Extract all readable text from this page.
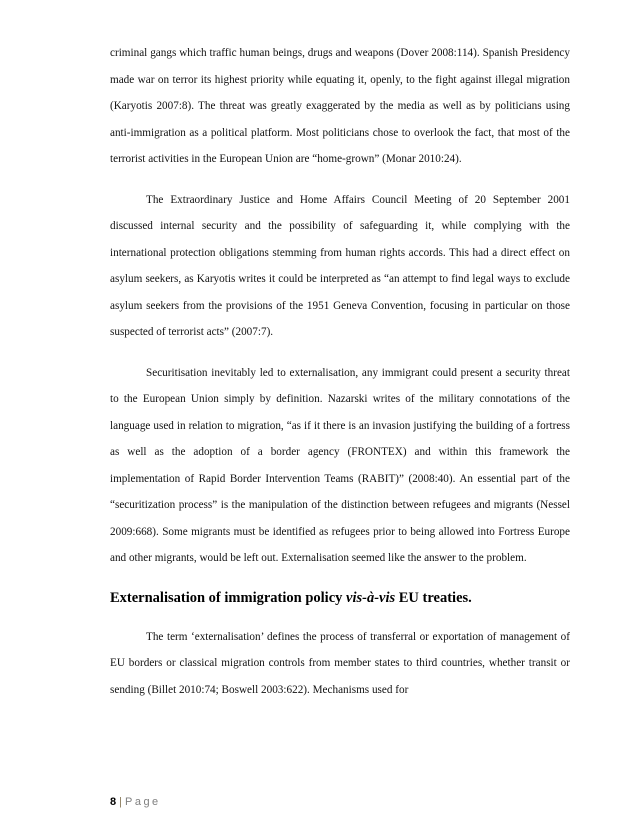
criminal gangs which traffic human beings, drugs and weapons (Dover 2008:114). Spanish Presidency made war on terror its highest priority while equating it, openly, to the fight against illegal migration (Karyotis 2007:8). The threat was greatly exaggerated by the media as well as by politicians using anti-immigration as a political platform. Most politicians chose to overlook the fact, that most of the terrorist activities in the European Union are “home-grown” (Monar 2010:24).

The Extraordinary Justice and Home Affairs Council Meeting of 20 September 2001 discussed internal security and the possibility of safeguarding it, while complying with the international protection obligations stemming from human rights accords. This had a direct effect on asylum seekers, as Karyotis writes it could be interpreted as “an attempt to find legal ways to exclude asylum seekers from the provisions of the 1951 Geneva Convention, focusing in particular on those suspected of terrorist acts” (2007:7).

Securitisation inevitably led to externalisation, any immigrant could present a security threat to the European Union simply by definition. Nazarski writes of the military connotations of the language used in relation to migration, “as if it there is an invasion justifying the building of a fortress as well as the adoption of a border agency (FRONTEX) and within this framework the implementation of Rapid Border Intervention Teams (RABIT)” (2008:40). An essential part of the “securitization process” is the manipulation of the distinction between refugees and migrants (Nessel 2009:668). Some migrants must be identified as refugees prior to being allowed into Fortress Europe and other migrants, would be left out. Externalisation seemed like the answer to the problem.

Externalisation of immigration policy vis-à-vis EU treaties.

The term ‘externalisation’ defines the process of transferral or exportation of management of EU borders or classical migration controls from member states to third countries, whether transit or sending (Billet 2010:74; Boswell 2003:622). Mechanisms used for

8 | Page
